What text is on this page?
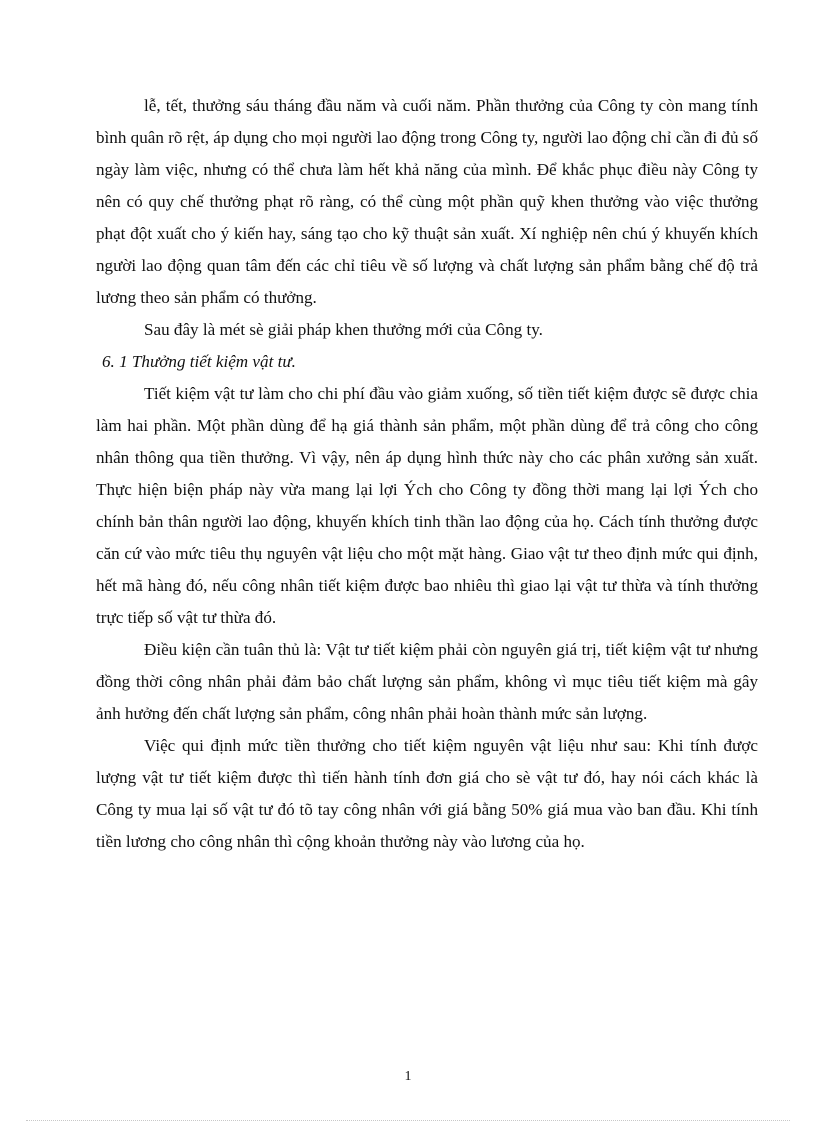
lễ, tết, thưởng sáu tháng đầu năm và cuối năm. Phần thưởng của Công ty còn mang tính bình quân rõ rệt, áp dụng cho mọi người lao động trong Công ty, người lao động chỉ cần đi đủ số ngày làm việc, nhưng có thể chưa làm hết khả năng của mình. Để khắc phục điều này Công ty nên có quy chế thưởng phạt rõ ràng, có thể cùng một phần quỹ khen thưởng vào việc thưởng phạt đột xuất cho ý kiến hay, sáng tạo cho kỹ thuật sản xuất. Xí nghiệp nên chú ý khuyến khích người lao động quan tâm đến các chỉ tiêu về số lượng và chất lượng sản phẩm bằng chế độ trả lương theo sản phẩm có thưởng.

Sau đây là mét sè giải pháp khen thưởng mới của Công ty.

6. 1 Thưởng tiết kiệm vật tư.

Tiết kiệm vật tư làm cho chi phí đầu vào giảm xuống, số tiền tiết kiệm được sẽ được chia làm hai phần. Một phần dùng để hạ giá thành sản phẩm, một phần dùng để trả công cho công nhân thông qua tiền thưởng. Vì vậy, nên áp dụng hình thức này cho các phân xưởng sản xuất. Thực hiện biện pháp này vừa mang lại lợi Ých cho Công ty đồng thời mang lại lợi Ých cho chính bản thân người lao động, khuyến khích tinh thần lao động của họ. Cách tính thưởng được căn cứ vào mức tiêu thụ nguyên vật liệu cho một mặt hàng. Giao vật tư theo định mức qui định, hết mã hàng đó, nếu công nhân tiết kiệm được bao nhiêu thì giao lại vật tư thừa và tính thưởng trực tiếp số vật tư thừa đó.

Điều kiện cần tuân thủ là: Vật tư tiết kiệm phải còn nguyên giá trị, tiết kiệm vật tư nhưng đồng thời công nhân phải đảm bảo chất lượng sản phẩm, không vì mục tiêu tiết kiệm mà gây ảnh hưởng đến chất lượng sản phẩm, công nhân phải hoàn thành mức sản lượng.

Việc qui định mức tiền thưởng cho tiết kiệm nguyên vật liệu như sau: Khi tính được lượng vật tư tiết kiệm được thì tiến hành tính đơn giá cho sè vật tư đó, hay nói cách khác là Công ty mua lại số vật tư đó tõ tay công nhân với giá bằng 50% giá mua vào ban đầu. Khi tính tiền lương cho công nhân thì cộng khoản thưởng này vào lương của họ.

1
